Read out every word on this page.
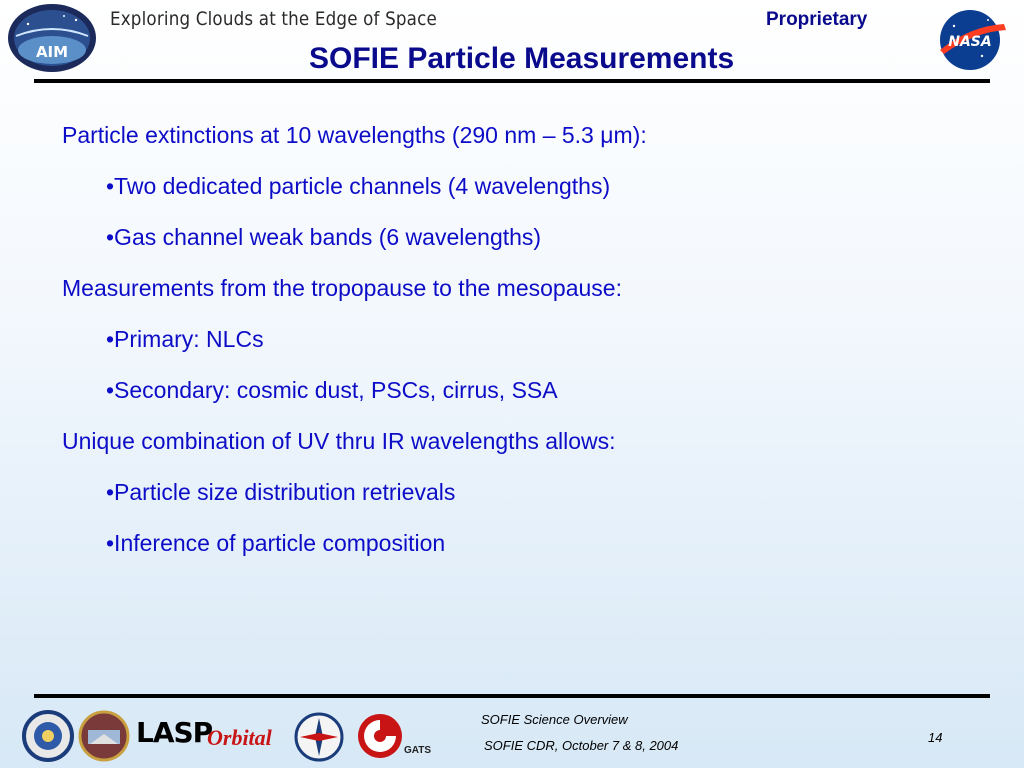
AIM
Exploring Clouds at the Edge of Space	Proprietary
SOFIE Particle Measurements	NASA
Particle extinctions at 10 wavelengths (290 nm – 5.3 μm):
•Two dedicated particle channels (4 wavelengths)
•Gas channel weak bands (6 wavelengths)
Measurements from the tropopause to the mesopause:
•Primary: NLCs
•Secondary: cosmic dust, PSCs, cirrus, SSA
Unique combination of UV thru IR wavelengths allows:
•Particle size distribution retrievals
•Inference of particle composition
LASP
Orbital
GATS
SOFIE Science Overview
SOFIE CDR, October 7 & 8, 2004
14
